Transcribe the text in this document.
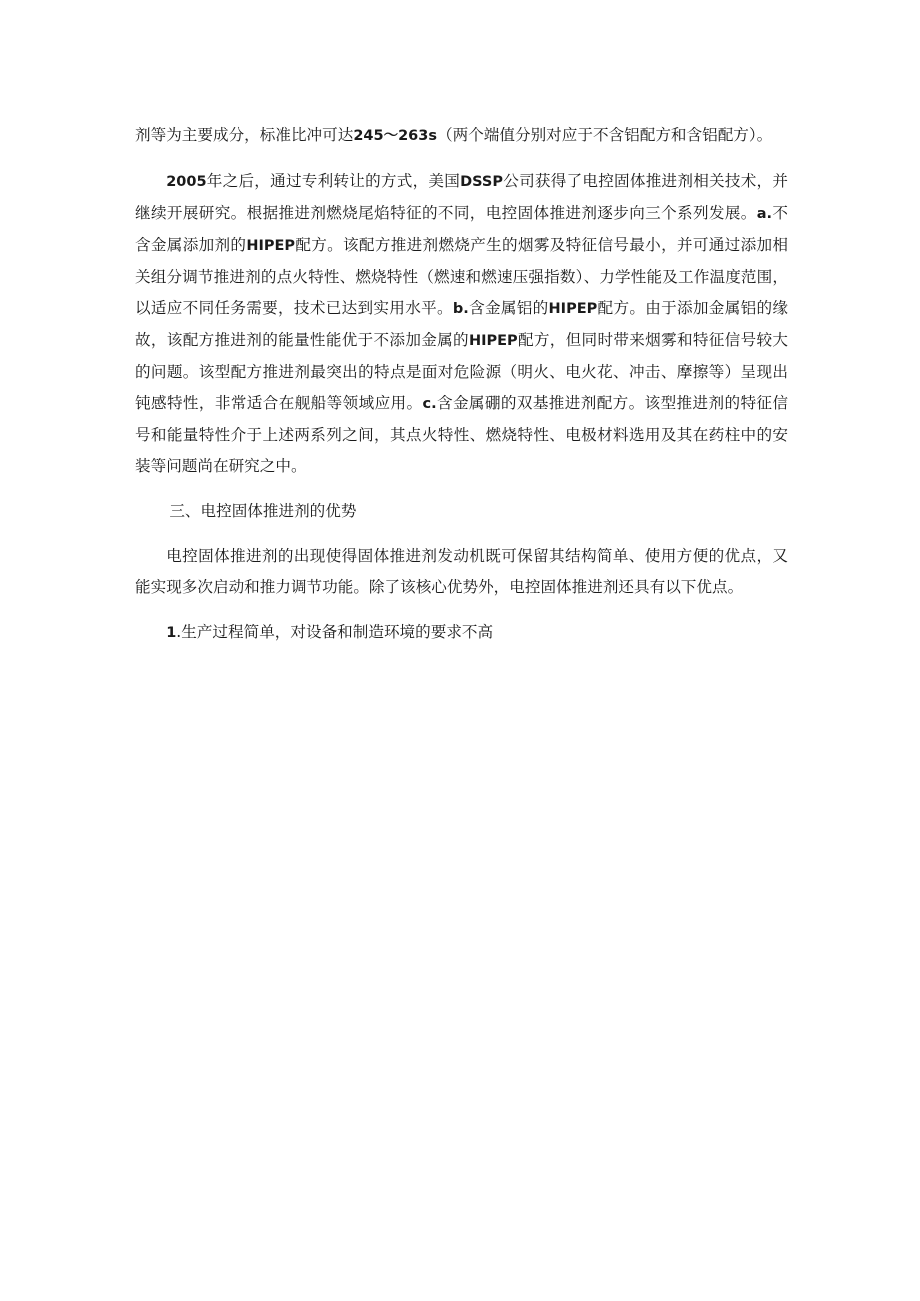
剂等为主要成分，标准比冲可达245～263s（两个端值分别对应于不含铝配方和含铝配方）。

2005年之后，通过专利转让的方式，美国DSSP公司获得了电控固体推进剂相关技术，并继续开展研究。根据推进剂燃烧尾焰特征的不同，电控固体推进剂逐步向三个系列发展。a.不含金属添加剂的HIPEP配方。该配方推进剂燃烧产生的烟雾及特征信号最小，并可通过添加相关组分调节推进剂的点火特性、燃烧特性（燃速和燃速压强指数）、力学性能及工作温度范围，以适应不同任务需要，技术已达到实用水平。b.含金属铝的HIPEP配方。由于添加金属铝的缘故，该配方推进剂的能量性能优于不添加金属的HIPEP配方，但同时带来烟雾和特征信号较大的问题。该型配方推进剂最突出的特点是面对危险源（明火、电火花、冲击、摩擦等）呈现出钝感特性，非常适合在舰船等领域应用。c.含金属硼的双基推进剂配方。该型推进剂的特征信号和能量特性介于上述两系列之间，其点火特性、燃烧特性、电极材料选用及其在药柱中的安装等问题尚在研究之中。

三、电控固体推进剂的优势

电控固体推进剂的出现使得固体推进剂发动机既可保留其结构简单、使用方便的优点，又能实现多次启动和推力调节功能。除了该核心优势外，电控固体推进剂还具有以下优点。

1.生产过程简单，对设备和制造环境的要求不高
